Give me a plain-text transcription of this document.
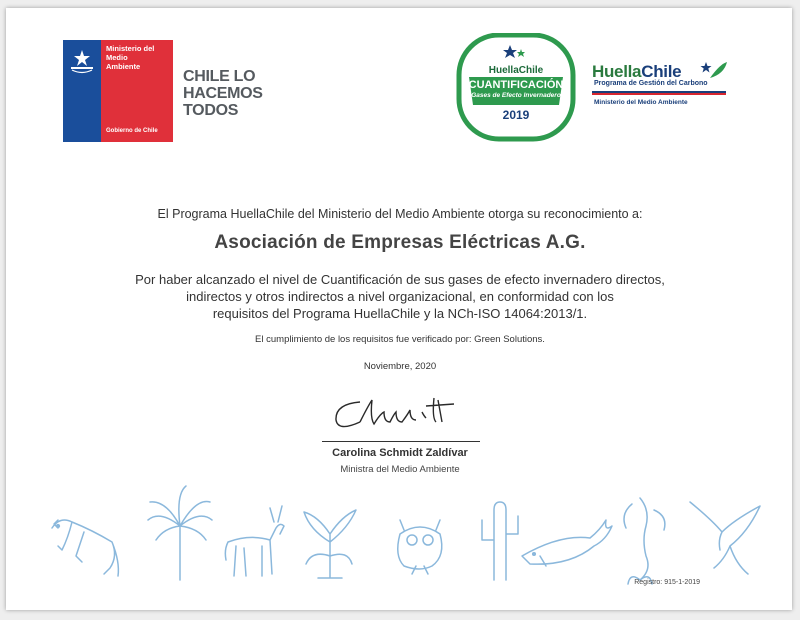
Ministerio del
Medio
Ambiente
Gobierno de Chile
CHILE LO
HACEMOS
TODOS
HuellaChile
CUANTIFICACIÓN
Gases de Efecto Invernadero
2019
HuellaChile
Programa de Gestión del Carbono
Ministerio del Medio Ambiente
El Programa HuellaChile del Ministerio del Medio Ambiente otorga su reconocimiento a:
Asociación de Empresas Eléctricas A.G.
Por haber alcanzado el nivel de Cuantificación de sus gases de efecto invernadero directos,
indirectos y otros indirectos a nivel organizacional, en conformidad con los
requisitos del Programa HuellaChile y la NCh-ISO 14064:2013/1.
El cumplimiento de los requisitos fue verificado por: Green Solutions.
Noviembre, 2020
Carolina Schmidt Zaldívar
Ministra del Medio Ambiente
Registro: 915-1-2019
